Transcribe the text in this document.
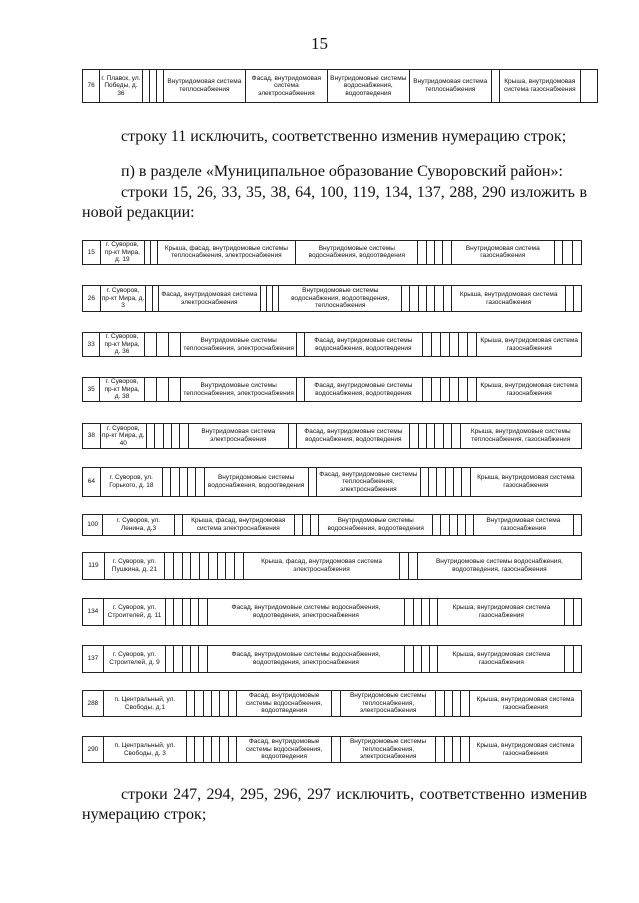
15
76	г. Плавск, ул. Победы, д. 36				Внутридомовая система теплоснабжения	Фасад, внутридомовая система электроснабжения	Внутридомовые системы водоснабжения, водоотведения	Внутридомовая система теплоснабжения		Крыша, внутридомовая система газоснабжения	
строку 11 исключить, соответственно изменив нумерацию строк;
п) в разделе «Муниципальное образование Суворовский район»:
строки 15, 26, 33, 35, 38, 64, 100, 119, 134, 137, 288, 290 изложить в
новой редакции:
15	г. Суворов, пр-кт Мира, д. 19			Крыша, фасад, внутридомовые системы теплоснабжения, электроснабжения	Внутридомовые системы водоснабжения, водоотведения					Внутридомовая система газоснабжения			
26	г. Суворов, пр-кт Мира, д. 3			Фасад, внутридомовая система электроснабжения				Внутридомовые системы водоснабжения, водоотведения, теплоснабжения							Крыша, внутридомовая система газоснабжения		
33	г. Суворов, пр-кт Мира, д. 36				Внутридомовые системы теплоснабжения, электроснабжения		Фасад, внутридомовые системы водоснабжения, водоотведения							Крыша, внутридомовая система газоснабжения
35	г. Суворов, пр-кт Мира, д. 38				Внутридомовые системы теплоснабжения, электроснабжения		Фасад, внутридомовые системы водоснабжения, водоотведения							Крыша, внутридомовая система газоснабжения
38	г. Суворов, пр-кт Мира, д. 40						Внутридомовая система электроснабжения		Фасад, внутридомовые системы водоснабжения, водоотведения							Крыша, внутридомовые системы теплоснабжения, газоснабжения
64	г. Суворов, ул. Горького, д. 18						Внутридомовые системы водоснабжения, водоотведения		Фасад, внутридомовые системы теплоснабжения, электроснабжения							Крыша, внутридомовая система газоснабжения
100	г. Суворов, ул. Ленина, д.3		Крыша, фасад, внутридомовая система электроснабжения				Внутридомовые системы водоснабжения, водоотведения						Внутридомовая система газоснабжения	
119	г. Суворов, ул. Пушкина, д. 21										Крыша, фасад, внутридомовая система электроснабжения			Внутридомовые системы водоснабжения, водоотведения, газоснабжения
134	г. Суворов, ул. Строителей, д. 11						Фасад, внутридомовые системы водоснабжения, водоотведения, электроснабжения					Крыша, внутридомовая система газоснабжения		
137	г. Суворов, ул. Строителей, д. 9						Фасад, внутридомовые системы водоснабжения, водоотведения, электроснабжения					Крыша, внутридомовая система газоснабжения		
288	п. Центральный, ул. Свободы, д.1							Фасад, внутридомовые системы водоснабжения, водоотведения		Внутридомовые системы теплоснабжения, электроснабжения					Крыша, внутридомовая система газоснабжения
290	п. Центральный, ул. Свободы, д. 3							Фасад, внутридомовые системы водоснабжения, водоотведения		Внутридомовые системы теплоснабжения, электроснабжения					Крыша, внутридомовая система газоснабжения
строки 247, 294, 295, 296, 297 исключить, соответственно изменив
нумерацию строк;
